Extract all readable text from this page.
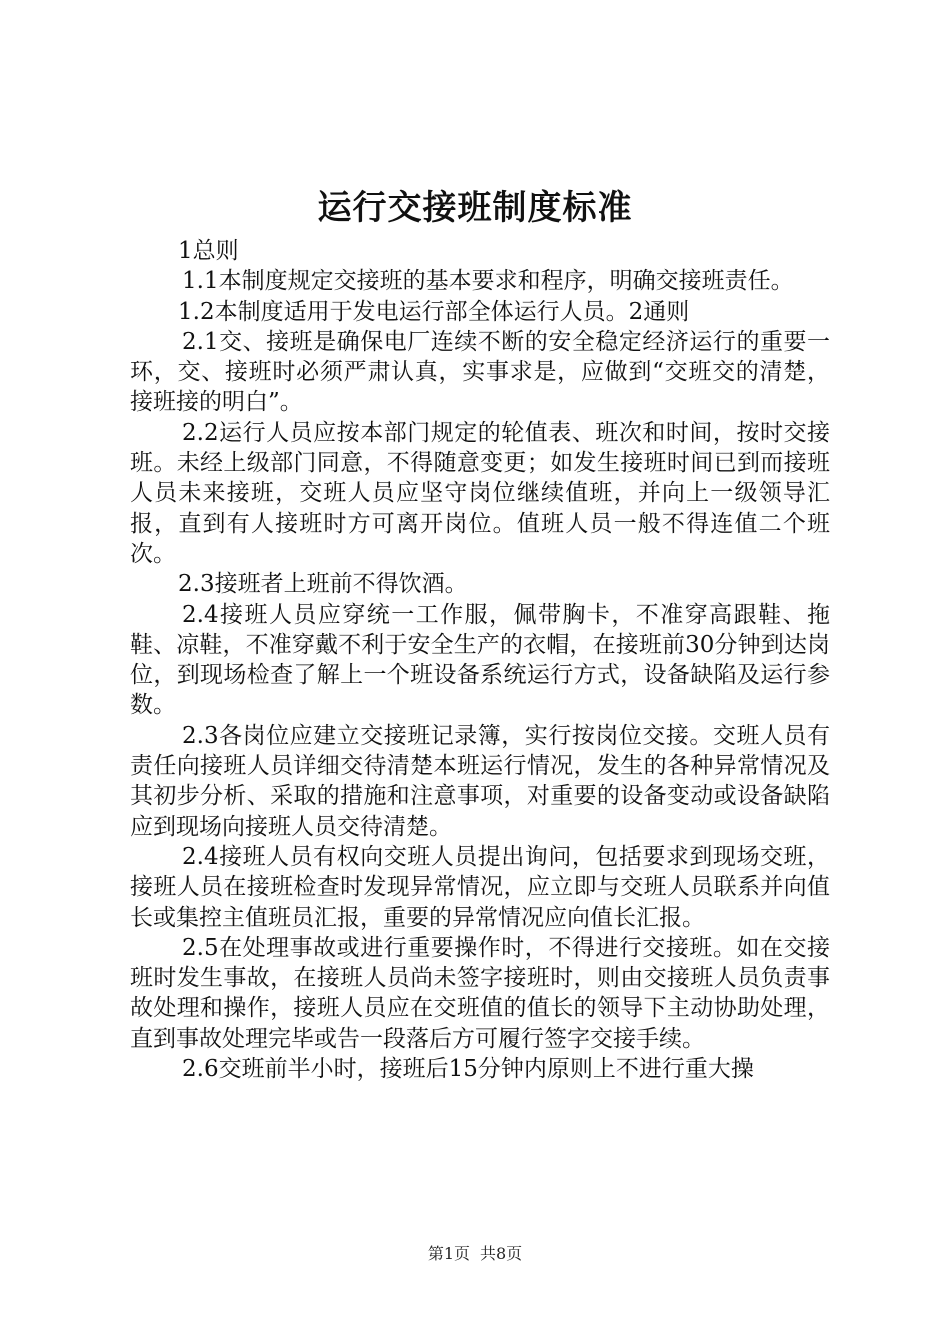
运行交接班制度标准

1总则

1.1本制度规定交接班的基本要求和程序，明确交接班责任。

1.2本制度适用于发电运行部全体运行人员。2通则

2.1交、接班是确保电厂连续不断的安全稳定经济运行的重要一环，交、接班时必须严肃认真，实事求是，应做到“交班交的清楚，接班接的明白”。

2.2运行人员应按本部门规定的轮值表、班次和时间，按时交接班。未经上级部门同意，不得随意变更；如发生接班时间已到而接班人员未来接班，交班人员应坚守岗位继续值班，并向上一级领导汇报，直到有人接班时方可离开岗位。值班人员一般不得连值二个班次。

2.3接班者上班前不得饮酒。

2.4接班人员应穿统一工作服，佩带胸卡，不准穿高跟鞋、拖鞋、凉鞋，不准穿戴不利于安全生产的衣帽，在接班前30分钟到达岗位，到现场检查了解上一个班设备系统运行方式，设备缺陷及运行参数。

2.3各岗位应建立交接班记录簿，实行按岗位交接。交班人员有责任向接班人员详细交待清楚本班运行情况，发生的各种异常情况及其初步分析、采取的措施和注意事项，对重要的设备变动或设备缺陷应到现场向接班人员交待清楚。

2.4接班人员有权向交班人员提出询问，包括要求到现场交班，接班人员在接班检查时发现异常情况，应立即与交班人员联系并向值长或集控主值班员汇报，重要的异常情况应向值长汇报。

2.5在处理事故或进行重要操作时，不得进行交接班。如在交接班时发生事故，在接班人员尚未签字接班时，则由交接班人员负责事故处理和操作，接班人员应在交班值的值长的领导下主动协助处理，直到事故处理完毕或告一段落后方可履行签字交接手续。

2.6交班前半小时，接班后15分钟内原则上不进行重大操

第1页 共8页
